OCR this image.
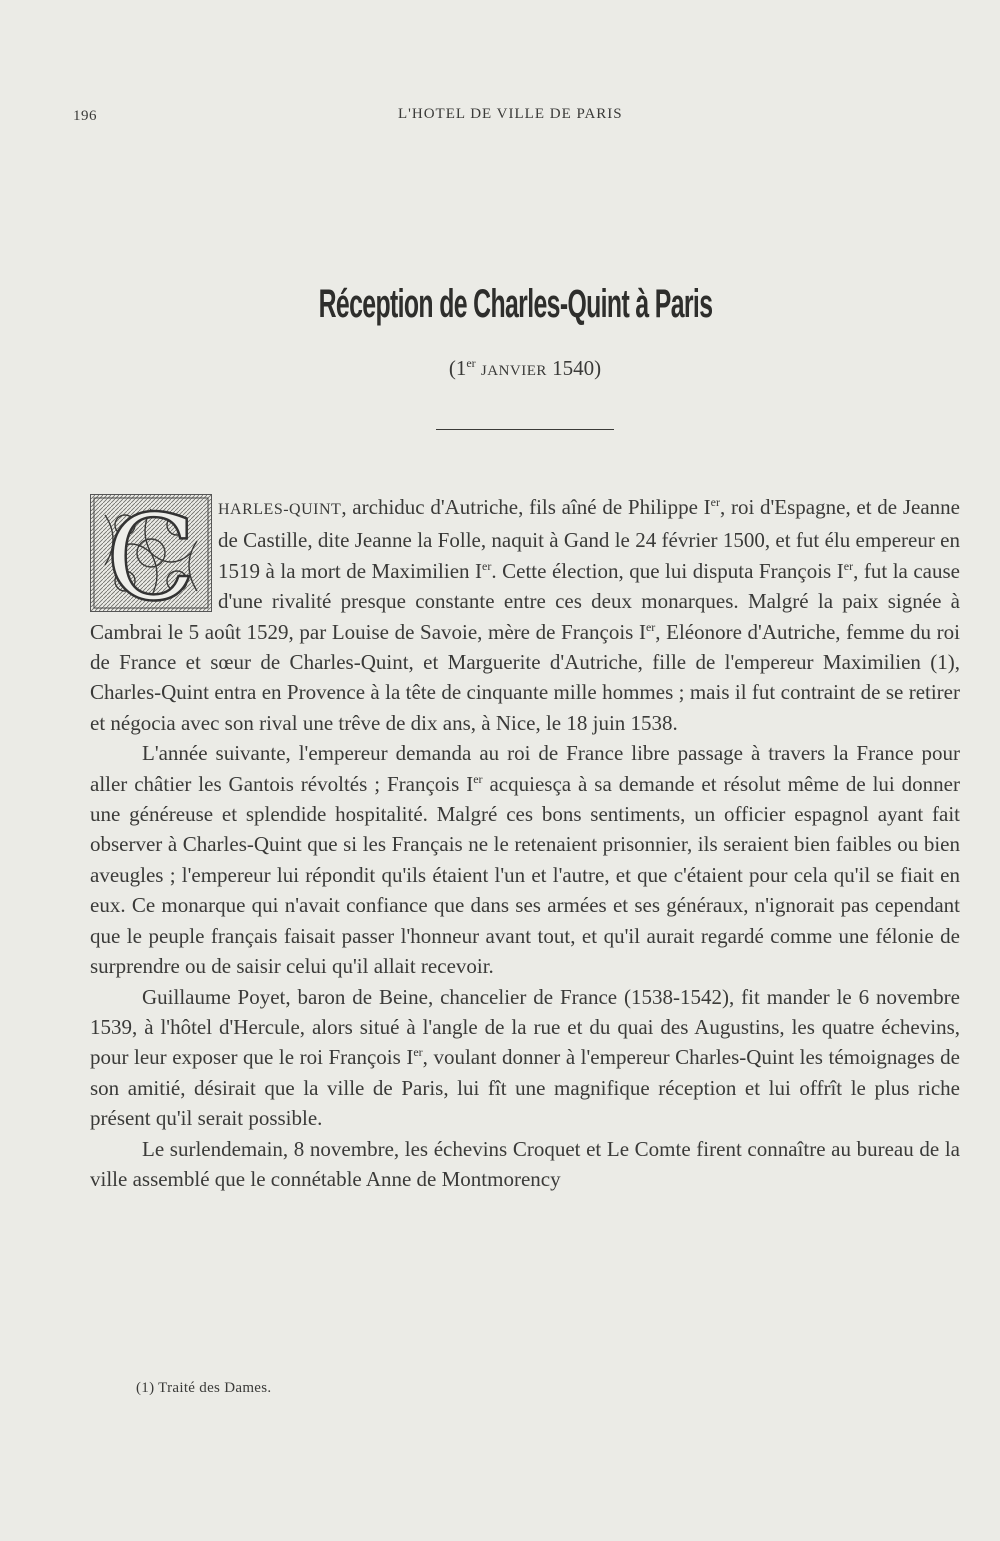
196	L'HOTEL DE VILLE DE PARIS
Réception de Charles-Quint à Paris
(1er JANVIER 1540)

C HARLES-QUINT, archiduc d'Autriche, fils aîné de Philippe Ier, roi d'Espagne, et de Jeanne de Castille, dite Jeanne la Folle, naquit à Gand le 24 février 1500, et fut élu empereur en 1519 à la mort de Maximilien Ier. Cette élection, que lui disputa François Ier, fut la cause d'une rivalité presque constante entre ces deux monarques. Malgré la paix signée à Cambrai le 5 août 1529, par Louise de Savoie, mère de François Ier, Eléonore d'Autriche, femme du roi de France et sœur de Charles-Quint, et Marguerite d'Autriche, fille de l'empereur Maximilien (1), Charles-Quint entra en Provence à la tête de cinquante mille hommes ; mais il fut contraint de se retirer et négocia avec son rival une trêve de dix ans, à Nice, le 18 juin 1538.

L'année suivante, l'empereur demanda au roi de France libre passage à travers la France pour aller châtier les Gantois révoltés ; François Ier acquiesça à sa demande et résolut même de lui donner une généreuse et splendide hospitalité. Malgré ces bons sentiments, un officier espagnol ayant fait observer à Charles-Quint que si les Français ne le retenaient prisonnier, ils seraient bien faibles ou bien aveugles ; l'empereur lui répondit qu'ils étaient l'un et l'autre, et que c'étaient pour cela qu'il se fiait en eux. Ce monarque qui n'avait confiance que dans ses armées et ses généraux, n'ignorait pas cependant que le peuple français faisait passer l'honneur avant tout, et qu'il aurait regardé comme une félonie de surprendre ou de saisir celui qu'il allait recevoir.

Guillaume Poyet, baron de Beine, chancelier de France (1538-1542), fit mander le 6 novembre 1539, à l'hôtel d'Hercule, alors situé à l'angle de la rue et du quai des Augustins, les quatre échevins, pour leur exposer que le roi François Ier, voulant donner à l'empereur Charles-Quint les témoignages de son amitié, désirait que la ville de Paris, lui fît une magnifique réception et lui offrît le plus riche présent qu'il serait possible.

Le surlendemain, 8 novembre, les échevins Croquet et Le Comte firent connaître au bureau de la ville assemblé que le connétable Anne de Montmorency

(1) Traité des Dames.
